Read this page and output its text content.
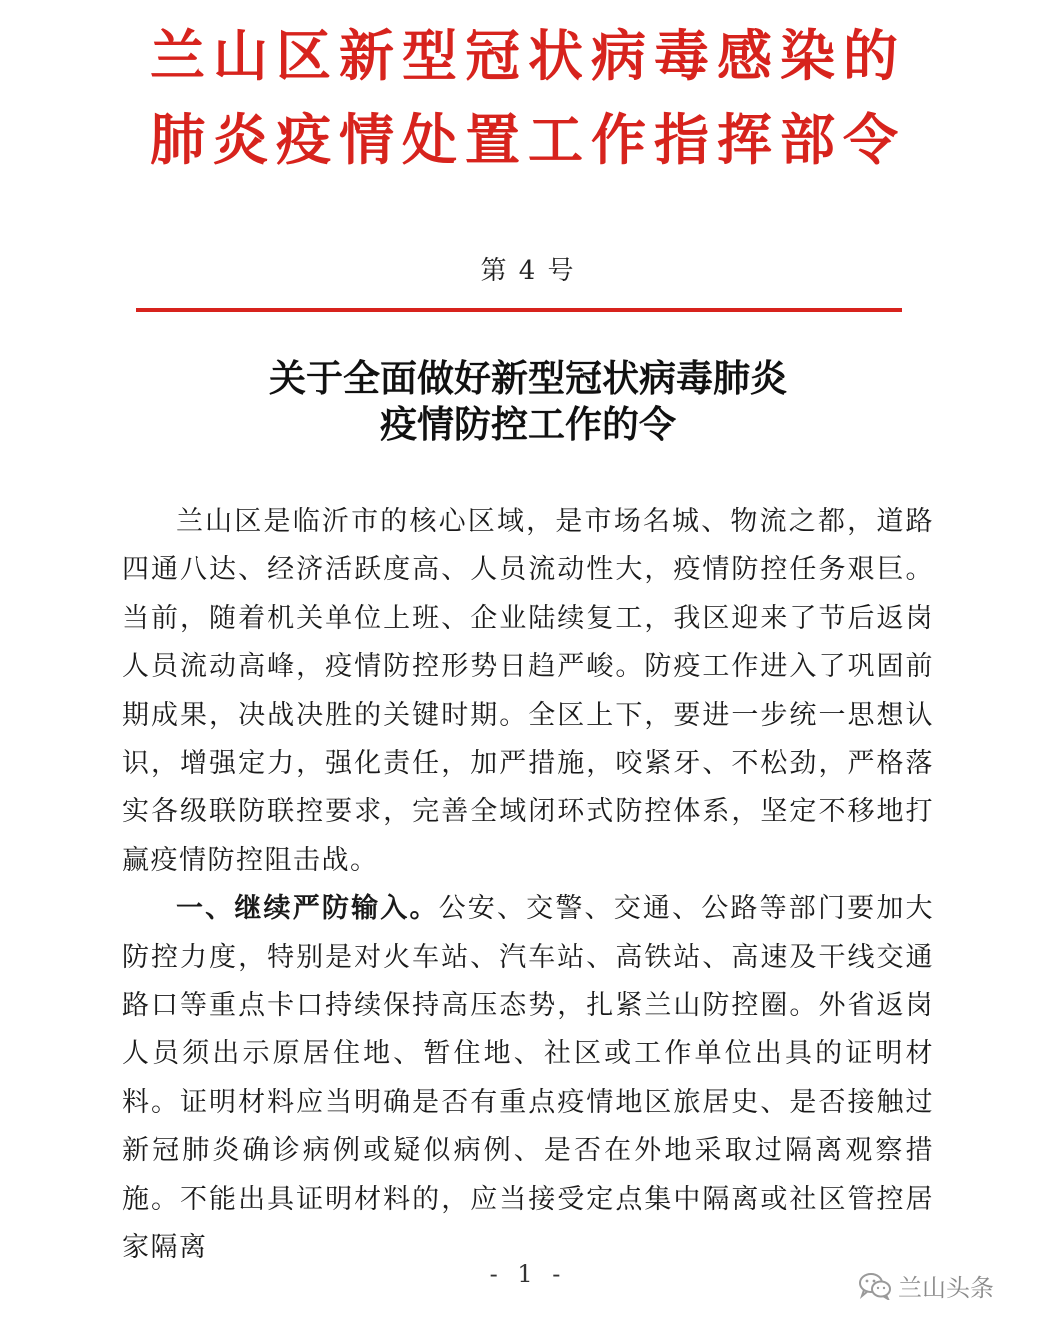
兰山区新型冠状病毒感染的
肺炎疫情处置工作指挥部令
第 4 号
关于全面做好新型冠状病毒肺炎
疫情防控工作的令

兰山区是临沂市的核心区域，是市场名城、物流之都，道路四通八达、经济活跃度高、人员流动性大，疫情防控任务艰巨。当前，随着机关单位上班、企业陆续复工，我区迎来了节后返岗人员流动高峰，疫情防控形势日趋严峻。防疫工作进入了巩固前期成果，决战决胜的关键时期。全区上下，要进一步统一思想认识，增强定力，强化责任，加严措施，咬紧牙、不松劲，严格落实各级联防联控要求，完善全域闭环式防控体系，坚定不移地打赢疫情防控阻击战。

一、继续严防输入。公安、交警、交通、公路等部门要加大防控力度，特别是对火车站、汽车站、高铁站、高速及干线交通路口等重点卡口持续保持高压态势，扎紧兰山防控圈。外省返岗人员须出示原居住地、暂住地、社区或工作单位出具的证明材料。证明材料应当明确是否有重点疫情地区旅居史、是否接触过新冠肺炎确诊病例或疑似病例、是否在外地采取过隔离观察措施。不能出具证明材料的，应当接受定点集中隔离或社区管控居家隔离

- 1 -	兰山头条
